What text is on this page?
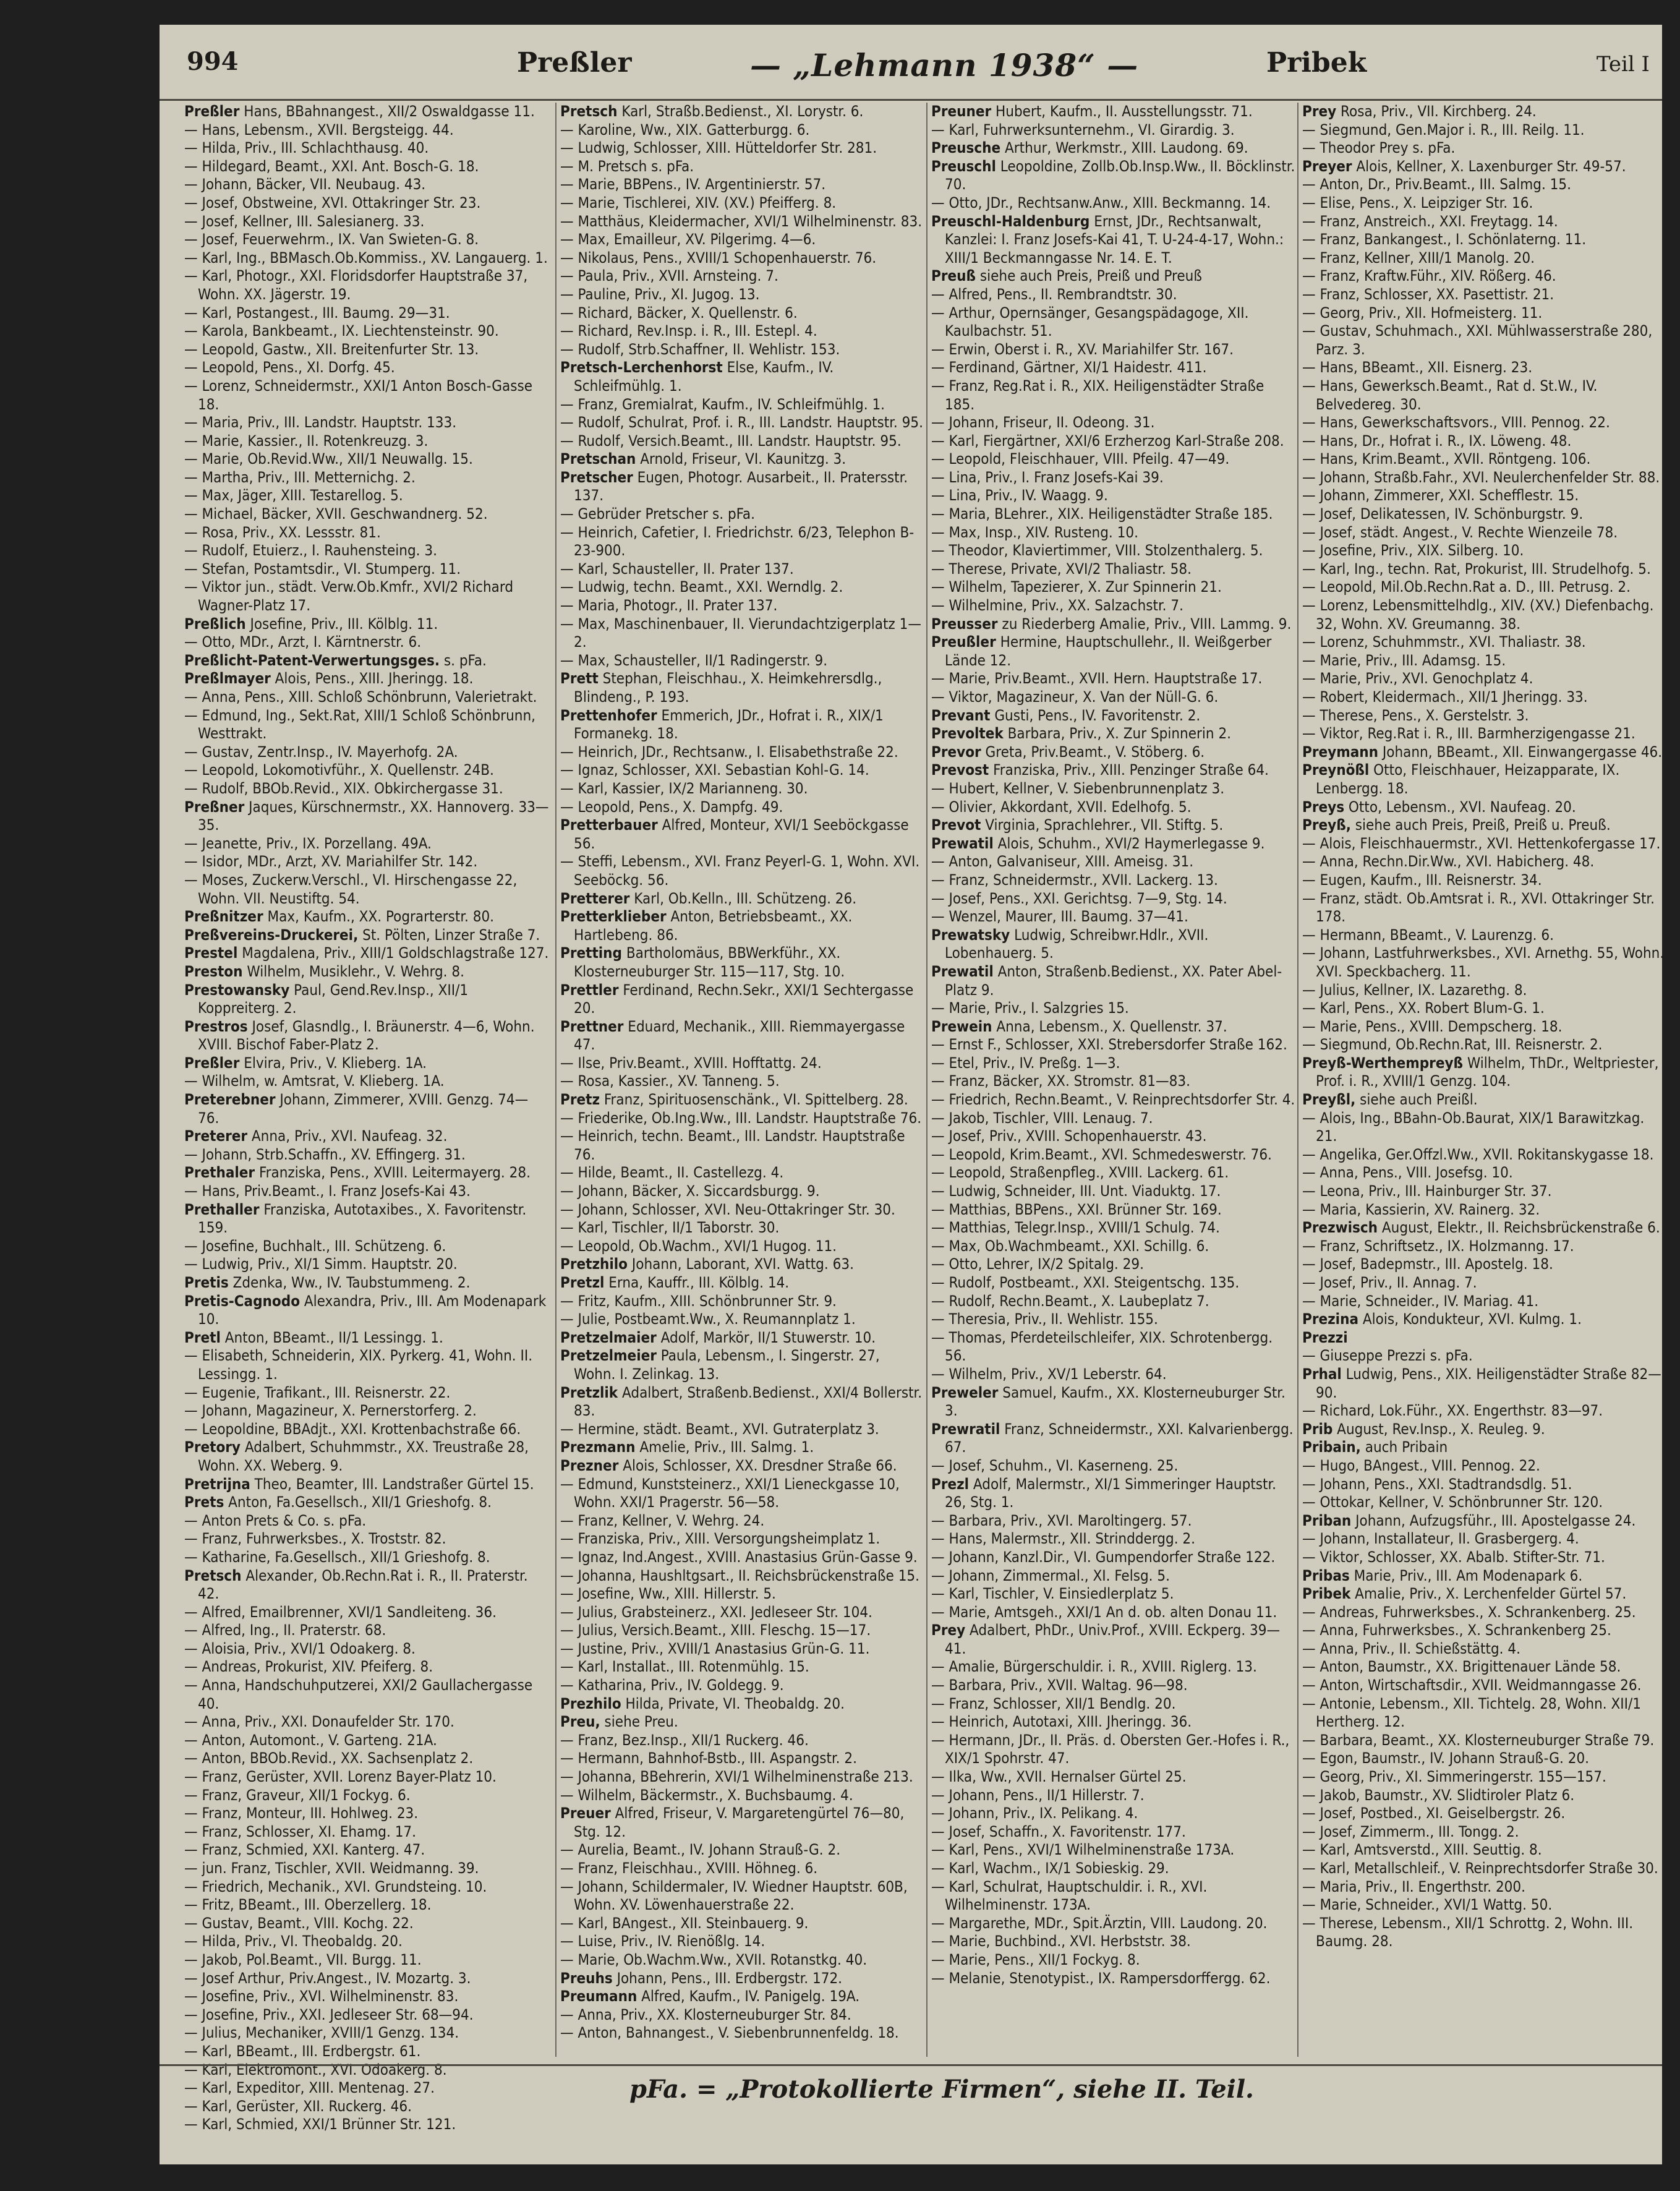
994	Preßler	— „Lehmann 1938“ —	Pribek	Teil I
Preßler Hans, BBahnangest., XII/2 Oswaldgasse 11.
— Hans, Lebensm., XVII. Bergsteigg. 44.
— Hilda, Priv., III. Schlachthausg. 40.
— Hildegard, Beamt., XXI. Ant. Bosch-G. 18.
— Johann, Bäcker, VII. Neubaug. 43.
— Josef, Obstweine, XVI. Ottakringer Str. 23.
— Josef, Kellner, III. Salesianerg. 33.
— Josef, Feuerwehrm., IX. Van Swieten-G. 8.
— Karl, Ing., BBMasch.Ob.Kommiss., XV. Langauerg. 1.
— Karl, Photogr., XXI. Floridsdorfer Hauptstraße 37, Wohn. XX. Jägerstr. 19.
— Karl, Postangest., III. Baumg. 29—31.
— Karola, Bankbeamt., IX. Liechtensteinstr. 90.
— Leopold, Gastw., XII. Breitenfurter Str. 13.
— Leopold, Pens., XI. Dorfg. 45.
— Lorenz, Schneidermstr., XXI/1 Anton Bosch-Gasse 18.
— Maria, Priv., III. Landstr. Hauptstr. 133.
— Marie, Kassier., II. Rotenkreuzg. 3.
— Marie, Ob.Revid.Ww., XII/1 Neuwallg. 15.
— Martha, Priv., III. Metternichg. 2.
— Max, Jäger, XIII. Testarellog. 5.
— Michael, Bäcker, XVII. Geschwandnerg. 52.
— Rosa, Priv., XX. Lessstr. 81.
— Rudolf, Etuierz., I. Rauhensteing. 3.
— Stefan, Postamtsdir., VI. Stumperg. 11.
— Viktor jun., städt. Verw.Ob.Kmfr., XVI/2 Richard Wagner-Platz 17.
Preßlich Josefine, Priv., III. Kölblg. 11.
— Otto, MDr., Arzt, I. Kärntnerstr. 6.
Preßlicht-Patent-Verwertungsges. s. pFa.
Preßlmayer Alois, Pens., XIII. Jheringg. 18.
— Anna, Pens., XIII. Schloß Schönbrunn, Valerietrakt.
— Edmund, Ing., Sekt.Rat, XIII/1 Schloß Schönbrunn, Westtrakt.
— Gustav, Zentr.Insp., IV. Mayerhofg. 2A.
— Leopold, Lokomotivführ., X. Quellenstr. 24B.
— Rudolf, BBOb.Revid., XIX. Obkirchergasse 31.
Preßner Jaques, Kürschnermstr., XX. Hannoverg. 33—35.
— Jeanette, Priv., IX. Porzellang. 49A.
— Isidor, MDr., Arzt, XV. Mariahilfer Str. 142.
— Moses, Zuckerw.Verschl., VI. Hirschengasse 22, Wohn. VII. Neustiftg. 54.
Preßnitzer Max, Kaufm., XX. Pograrterstr. 80.
Preßvereins-Druckerei, St. Pölten, Linzer Straße 7.
Prestel Magdalena, Priv., XIII/1 Goldschlagstraße 127.
Preston Wilhelm, Musiklehr., V. Wehrg. 8.
Prestowansky Paul, Gend.Rev.Insp., XII/1 Koppreiterg. 2.
Prestros Josef, Glasndlg., I. Bräunerstr. 4—6, Wohn. XVIII. Bischof Faber-Platz 2.
Preßler Elvira, Priv., V. Klieberg. 1A.
— Wilhelm, w. Amtsrat, V. Klieberg. 1A.
Preterebner Johann, Zimmerer, XVIII. Genzg. 74—76.
Preterer Anna, Priv., XVI. Naufeag. 32.
— Johann, Strb.Schaffn., XV. Effingerg. 31.
Prethaler Franziska, Pens., XVIII. Leitermayerg. 28.
— Hans, Priv.Beamt., I. Franz Josefs-Kai 43.
Prethaller Franziska, Autotaxibes., X. Favoritenstr. 159.
— Josefine, Buchhalt., III. Schützeng. 6.
— Ludwig, Priv., XI/1 Simm. Hauptstr. 20.
Pretis Zdenka, Ww., IV. Taubstummeng. 2.
Pretis-Cagnodo Alexandra, Priv., III. Am Modenapark 10.
Pretl Anton, BBeamt., II/1 Lessingg. 1.
— Elisabeth, Schneiderin, XIX. Pyrkerg. 41, Wohn. II. Lessingg. 1.
— Eugenie, Trafikant., III. Reisnerstr. 22.
— Johann, Magazineur, X. Pernerstorferg. 2.
— Leopoldine, BBAdjt., XXI. Krottenbachstraße 66.
Pretory Adalbert, Schuhmmstr., XX. Treustraße 28, Wohn. XX. Weberg. 9.
Pretrijna Theo, Beamter, III. Landstraßer Gürtel 15.
Prets Anton, Fa.Gesellsch., XII/1 Grieshofg. 8.
— Anton Prets & Co. s. pFa.
— Franz, Fuhrwerksbes., X. Troststr. 82.
— Katharine, Fa.Gesellsch., XII/1 Grieshofg. 8.
Pretsch Alexander, Ob.Rechn.Rat i. R., II. Praterstr. 42.
— Alfred, Emailbrenner, XVI/1 Sandleiteng. 36.
— Alfred, Ing., II. Praterstr. 68.
— Aloisia, Priv., XVI/1 Odoakerg. 8.
— Andreas, Prokurist, XIV. Pfeiferg. 8.
— Anna, Handschuhputzerei, XXI/2 Gaullachergasse 40.
— Anna, Priv., XXI. Donaufelder Str. 170.
— Anton, Automont., V. Garteng. 21A.
— Anton, BBOb.Revid., XX. Sachsenplatz 2.
— Franz, Gerüster, XVII. Lorenz Bayer-Platz 10.
— Franz, Graveur, XII/1 Fockyg. 6.
— Franz, Monteur, III. Hohlweg. 23.
— Franz, Schlosser, XI. Ehamg. 17.
— Franz, Schmied, XXI. Kanterg. 47.
— jun. Franz, Tischler, XVII. Weidmanng. 39.
— Friedrich, Mechanik., XVI. Grundsteing. 10.
— Fritz, BBeamt., III. Oberzellerg. 18.
— Gustav, Beamt., VIII. Kochg. 22.
— Hilda, Priv., VI. Theobaldg. 20.
— Jakob, Pol.Beamt., VII. Burgg. 11.
— Josef Arthur, Priv.Angest., IV. Mozartg. 3.
— Josefine, Priv., XVI. Wilhelminenstr. 83.
— Josefine, Priv., XXI. Jedleseer Str. 68—94.
— Julius, Mechaniker, XVIII/1 Genzg. 134.
— Karl, BBeamt., III. Erdbergstr. 61.
— Karl, Elektromont., XVI. Odoakerg. 8.
— Karl, Expeditor, XIII. Mentenag. 27.
— Karl, Gerüster, XII. Ruckerg. 46.
— Karl, Schmied, XXI/1 Brünner Str. 121.
Pretsch Karl, Straßb.Bedienst., XI. Lorystr. 6.
— Karoline, Ww., XIX. Gatterburgg. 6.
— Ludwig, Schlosser, XIII. Hütteldorfer Str. 281.
— M. Pretsch s. pFa.
— Marie, BBPens., IV. Argentinierstr. 57.
— Marie, Tischlerei, XIV. (XV.) Pfeifferg. 8.
— Matthäus, Kleidermacher, XVI/1 Wilhelminenstr. 83.
— Max, Emailleur, XV. Pilgerimg. 4—6.
— Nikolaus, Pens., XVIII/1 Schopenhauerstr. 76.
— Paula, Priv., XVII. Arnsteing. 7.
— Pauline, Priv., XI. Jugog. 13.
— Richard, Bäcker, X. Quellenstr. 6.
— Richard, Rev.Insp. i. R., III. Estepl. 4.
— Rudolf, Strb.Schaffner, II. Wehlistr. 153.
Pretsch-Lerchenhorst Else, Kaufm., IV. Schleifmühlg. 1.
— Franz, Gremialrat, Kaufm., IV. Schleifmühlg. 1.
— Rudolf, Schulrat, Prof. i. R., III. Landstr. Hauptstr. 95.
— Rudolf, Versich.Beamt., III. Landstr. Hauptstr. 95.
Pretschan Arnold, Friseur, VI. Kaunitzg. 3.
Pretscher Eugen, Photogr. Ausarbeit., II. Pratersstr. 137.
— Gebrüder Pretscher s. pFa.
— Heinrich, Cafetier, I. Friedrichstr. 6/23, Telephon B-23-900.
— Karl, Schausteller, II. Prater 137.
— Ludwig, techn. Beamt., XXI. Werndlg. 2.
— Maria, Photogr., II. Prater 137.
— Max, Maschinenbauer, II. Vierundachtzigerplatz 1—2.
— Max, Schausteller, II/1 Radingerstr. 9.
Prett Stephan, Fleischhau., X. Heimkehrersdlg., Blindeng., P. 193.
Prettenhofer Emmerich, JDr., Hofrat i. R., XIX/1 Formanekg. 18.
— Heinrich, JDr., Rechtsanw., I. Elisabethstraße 22.
— Ignaz, Schlosser, XXI. Sebastian Kohl-G. 14.
— Karl, Kassier, IX/2 Marianneng. 30.
— Leopold, Pens., X. Dampfg. 49.
Pretterbauer Alfred, Monteur, XVI/1 Seeböckgasse 56.
— Steffi, Lebensm., XVI. Franz Peyerl-G. 1, Wohn. XVI. Seeböckg. 56.
Pretterer Karl, Ob.Kelln., III. Schützeng. 26.
Pretterklieber Anton, Betriebsbeamt., XX. Hartlebeng. 86.
Pretting Bartholomäus, BBWerkführ., XX. Klosterneuburger Str. 115—117, Stg. 10.
Prettler Ferdinand, Rechn.Sekr., XXI/1 Sechtergasse 20.
Prettner Eduard, Mechanik., XIII. Riemmayergasse 47.
— Ilse, Priv.Beamt., XVIII. Hofftattg. 24.
— Rosa, Kassier., XV. Tanneng. 5.
Pretz Franz, Spirituosenschänk., VI. Spittelberg. 28.
— Friederike, Ob.Ing.Ww., III. Landstr. Hauptstraße 76.
— Heinrich, techn. Beamt., III. Landstr. Hauptstraße 76.
— Hilde, Beamt., II. Castellezg. 4.
— Johann, Bäcker, X. Siccardsburgg. 9.
— Johann, Schlosser, XVI. Neu-Ottakringer Str. 30.
— Karl, Tischler, II/1 Taborstr. 30.
— Leopold, Ob.Wachm., XVI/1 Hugog. 11.
Pretzhilo Johann, Laborant, XVI. Wattg. 63.
Pretzl Erna, Kauffr., III. Kölblg. 14.
— Fritz, Kaufm., XIII. Schönbrunner Str. 9.
— Julie, Postbeamt.Ww., X. Reumannplatz 1.
Pretzelmaier Adolf, Markör, II/1 Stuwerstr. 10.
Pretzelmeier Paula, Lebensm., I. Singerstr. 27, Wohn. I. Zelinkag. 13.
Pretzlik Adalbert, Straßenb.Bedienst., XXI/4 Bollerstr. 83.
— Hermine, städt. Beamt., XVI. Gutraterplatz 3.
Prezmann Amelie, Priv., III. Salmg. 1.
Prezner Alois, Schlosser, XX. Dresdner Straße 66.
— Edmund, Kunststeinerz., XXI/1 Lieneckgasse 10, Wohn. XXI/1 Pragerstr. 56—58.
— Franz, Kellner, V. Wehrg. 24.
— Franziska, Priv., XIII. Versorgungsheimplatz 1.
— Ignaz, Ind.Angest., XVIII. Anastasius Grün-Gasse 9.
— Johanna, Haushltgsart., II. Reichsbrückenstraße 15.
— Josefine, Ww., XIII. Hillerstr. 5.
— Julius, Grabsteinerz., XXI. Jedleseer Str. 104.
— Julius, Versich.Beamt., XIII. Fleschg. 15—17.
— Justine, Priv., XVIII/1 Anastasius Grün-G. 11.
— Karl, Installat., III. Rotenmühlg. 15.
— Katharina, Priv., IV. Goldegg. 9.
Prezhilo Hilda, Private, VI. Theobaldg. 20.
Preu, siehe Preu.
— Franz, Bez.Insp., XII/1 Ruckerg. 46.
— Hermann, Bahnhof-Bstb., III. Aspangstr. 2.
— Johanna, BBehrerin, XVI/1 Wilhelminenstraße 213.
— Wilhelm, Bäckermstr., X. Buchsbaumg. 4.
Preuer Alfred, Friseur, V. Margaretengürtel 76—80, Stg. 12.
— Aurelia, Beamt., IV. Johann Strauß-G. 2.
— Franz, Fleischhau., XVIII. Höhneg. 6.
— Johann, Schildermaler, IV. Wiedner Hauptstr. 60B, Wohn. XV. Löwenhauerstraße 22.
— Karl, BAngest., XII. Steinbauerg. 9.
— Luise, Priv., IV. Rienößlg. 14.
— Marie, Ob.Wachm.Ww., XVII. Rotanstkg. 40.
Preuhs Johann, Pens., III. Erdbergstr. 172.
Preumann Alfred, Kaufm., IV. Panigelg. 19A.
— Anna, Priv., XX. Klosterneuburger Str. 84.
— Anton, Bahnangest., V. Siebenbrunnenfeldg. 18.
Preuner Hubert, Kaufm., II. Ausstellungsstr. 71.
— Karl, Fuhrwerksunternehm., VI. Girardig. 3.
Preusche Arthur, Werkmstr., XIII. Laudong. 69.
Preuschl Leopoldine, Zollb.Ob.Insp.Ww., II. Böcklinstr. 70.
— Otto, JDr., Rechtsanw.Anw., XIII. Beckmanng. 14.
Preuschl-Haldenburg Ernst, JDr., Rechtsanwalt, Kanzlei: I. Franz Josefs-Kai 41, T. U-24-4-17, Wohn.: XIII/1 Beckmanngasse Nr. 14. E. T.
Preuß siehe auch Preis, Preiß und Preuß
— Alfred, Pens., II. Rembrandtstr. 30.
— Arthur, Opernsänger, Gesangspädagoge, XII. Kaulbachstr. 51.
— Erwin, Oberst i. R., XV. Mariahilfer Str. 167.
— Ferdinand, Gärtner, XI/1 Haidestr. 411.
— Franz, Reg.Rat i. R., XIX. Heiligenstädter Straße 185.
— Johann, Friseur, II. Odeong. 31.
— Karl, Fiergärtner, XXI/6 Erzherzog Karl-Straße 208.
— Leopold, Fleischhauer, VIII. Pfeilg. 47—49.
— Lina, Priv., I. Franz Josefs-Kai 39.
— Lina, Priv., IV. Waagg. 9.
— Maria, BLehrer., XIX. Heiligenstädter Straße 185.
— Max, Insp., XIV. Rusteng. 10.
— Theodor, Klaviertimmer, VIII. Stolzenthalerg. 5.
— Therese, Private, XVI/2 Thaliastr. 58.
— Wilhelm, Tapezierer, X. Zur Spinnerin 21.
— Wilhelmine, Priv., XX. Salzachstr. 7.
Preusser zu Riederberg Amalie, Priv., VIII. Lammg. 9.
Preußler Hermine, Hauptschullehr., II. Weißgerber Lände 12.
— Marie, Priv.Beamt., XVII. Hern. Hauptstraße 17.
— Viktor, Magazineur, X. Van der Nüll-G. 6.
Prevant Gusti, Pens., IV. Favoritenstr. 2.
Prevoltek Barbara, Priv., X. Zur Spinnerin 2.
Prevor Greta, Priv.Beamt., V. Stöberg. 6.
Prevost Franziska, Priv., XIII. Penzinger Straße 64.
— Hubert, Kellner, V. Siebenbrunnenplatz 3.
— Olivier, Akkordant, XVII. Edelhofg. 5.
Prevot Virginia, Sprachlehrer., VII. Stiftg. 5.
Prewatil Alois, Schuhm., XVI/2 Haymerlegasse 9.
— Anton, Galvaniseur, XIII. Ameisg. 31.
— Franz, Schneidermstr., XVII. Lackerg. 13.
— Josef, Pens., XXI. Gerichtsg. 7—9, Stg. 14.
— Wenzel, Maurer, III. Baumg. 37—41.
Prewatsky Ludwig, Schreibwr.Hdlr., XVII. Lobenhauerg. 5.
Prewatil Anton, Straßenb.Bedienst., XX. Pater Abel-Platz 9.
— Marie, Priv., I. Salzgries 15.
Prewein Anna, Lebensm., X. Quellenstr. 37.
— Ernst F., Schlosser, XXI. Strebersdorfer Straße 162.
— Etel, Priv., IV. Preßg. 1—3.
— Franz, Bäcker, XX. Stromstr. 81—83.
— Friedrich, Rechn.Beamt., V. Reinprechtsdorfer Str. 4.
— Jakob, Tischler, VIII. Lenaug. 7.
— Josef, Priv., XVIII. Schopenhauerstr. 43.
— Leopold, Krim.Beamt., XVI. Schmedeswerstr. 76.
— Leopold, Straßenpfleg., XVIII. Lackerg. 61.
— Ludwig, Schneider, III. Unt. Viaduktg. 17.
— Matthias, BBPens., XXI. Brünner Str. 169.
— Matthias, Telegr.Insp., XVIII/1 Schulg. 74.
— Max, Ob.Wachmbeamt., XXI. Schillg. 6.
— Otto, Lehrer, IX/2 Spitalg. 29.
— Rudolf, Postbeamt., XXI. Steigentschg. 135.
— Rudolf, Rechn.Beamt., X. Laubeplatz 7.
— Theresia, Priv., II. Wehlistr. 155.
— Thomas, Pferdeteilschleifer, XIX. Schrotenbergg. 56.
— Wilhelm, Priv., XV/1 Leberstr. 64.
Preweler Samuel, Kaufm., XX. Klosterneuburger Str. 3.
Prewratil Franz, Schneidermstr., XXI. Kalvarienbergg. 67.
— Josef, Schuhm., VI. Kaserneng. 25.
Prezl Adolf, Malermstr., XI/1 Simmeringer Hauptstr. 26, Stg. 1.
— Barbara, Priv., XVI. Maroltingerg. 57.
— Hans, Malermstr., XII. Strinddergg. 2.
— Johann, Kanzl.Dir., VI. Gumpendorfer Straße 122.
— Johann, Zimmermal., XI. Felsg. 5.
— Karl, Tischler, V. Einsiedlerplatz 5.
— Marie, Amtsgeh., XXI/1 An d. ob. alten Donau 11.
Prey Adalbert, PhDr., Univ.Prof., XVIII. Eckperg. 39—41.
— Amalie, Bürgerschuldir. i. R., XVIII. Riglerg. 13.
— Barbara, Priv., XVII. Waltag. 96—98.
— Franz, Schlosser, XII/1 Bendlg. 20.
— Heinrich, Autotaxi, XIII. Jheringg. 36.
— Hermann, JDr., II. Präs. d. Obersten Ger.-Hofes i. R., XIX/1 Spohrstr. 47.
— Ilka, Ww., XVII. Hernalser Gürtel 25.
— Johann, Pens., II/1 Hillerstr. 7.
— Johann, Priv., IX. Pelikang. 4.
— Josef, Schaffn., X. Favoritenstr. 177.
— Karl, Pens., XVI/1 Wilhelminenstraße 173A.
— Karl, Wachm., IX/1 Sobieskig. 29.
— Karl, Schulrat, Hauptschuldir. i. R., XVI. Wilhelminenstr. 173A.
— Margarethe, MDr., Spit.Ärztin, VIII. Laudong. 20.
— Marie, Buchbind., XVI. Herbststr. 38.
— Marie, Pens., XII/1 Fockyg. 8.
— Melanie, Stenotypist., IX. Rampersdorffergg. 62.
Prey Rosa, Priv., VII. Kirchberg. 24.
— Siegmund, Gen.Major i. R., III. Reilg. 11.
— Theodor Prey s. pFa.
Preyer Alois, Kellner, X. Laxenburger Str. 49-57.
— Anton, Dr., Priv.Beamt., III. Salmg. 15.
— Elise, Pens., X. Leipziger Str. 16.
— Franz, Anstreich., XXI. Freytagg. 14.
— Franz, Bankangest., I. Schönlaterng. 11.
— Franz, Kellner, XIII/1 Manolg. 20.
— Franz, Kraftw.Führ., XIV. Rößerg. 46.
— Franz, Schlosser, XX. Pasettistr. 21.
— Georg, Priv., XII. Hofmeisterg. 11.
— Gustav, Schuhmach., XXI. Mühlwasserstraße 280, Parz. 3.
— Hans, BBeamt., XII. Eisnerg. 23.
— Hans, Gewerksch.Beamt., Rat d. St.W., IV. Belvedereg. 30.
— Hans, Gewerkschaftsvors., VIII. Pennog. 22.
— Hans, Dr., Hofrat i. R., IX. Löweng. 48.
— Hans, Krim.Beamt., XVII. Röntgeng. 106.
— Johann, Straßb.Fahr., XVI. Neulerchenfelder Str. 88.
— Johann, Zimmerer, XXI. Schefflestr. 15.
— Josef, Delikatessen, IV. Schönburgstr. 9.
— Josef, städt. Angest., V. Rechte Wienzeile 78.
— Josefine, Priv., XIX. Silberg. 10.
— Karl, Ing., techn. Rat, Prokurist, III. Strudelhofg. 5.
— Leopold, Mil.Ob.Rechn.Rat a. D., III. Petrusg. 2.
— Lorenz, Lebensmittelhdlg., XIV. (XV.) Diefenbachg. 32, Wohn. XV. Greumanng. 38.
— Lorenz, Schuhmmstr., XVI. Thaliastr. 38.
— Marie, Priv., III. Adamsg. 15.
— Marie, Priv., XVI. Genochplatz 4.
— Robert, Kleidermach., XII/1 Jheringg. 33.
— Therese, Pens., X. Gerstelstr. 3.
— Viktor, Reg.Rat i. R., III. Barmherzigengasse 21.
Preymann Johann, BBeamt., XII. Einwangergasse 46.
Preynößl Otto, Fleischhauer, Heizapparate, IX. Lenbergg. 18.
Preys Otto, Lebensm., XVI. Naufeag. 20.
Preyß, siehe auch Preis, Preiß, Preiß u. Preuß.
— Alois, Fleischhauermstr., XVI. Hettenkofergasse 17.
— Anna, Rechn.Dir.Ww., XVI. Habicherg. 48.
— Eugen, Kaufm., III. Reisnerstr. 34.
— Franz, städt. Ob.Amtsrat i. R., XVI. Ottakringer Str. 178.
— Hermann, BBeamt., V. Laurenzg. 6.
— Johann, Lastfuhrwerksbes., XVI. Arnethg. 55, Wohn. XVI. Speckbacherg. 11.
— Julius, Kellner, IX. Lazarethg. 8.
— Karl, Pens., XX. Robert Blum-G. 1.
— Marie, Pens., XVIII. Dempscherg. 18.
— Siegmund, Ob.Rechn.Rat, III. Reisnerstr. 2.
Preyß-Werthempreyß Wilhelm, ThDr., Weltpriester, Prof. i. R., XVIII/1 Genzg. 104.
Preyßl, siehe auch Preißl.
— Alois, Ing., BBahn-Ob.Baurat, XIX/1 Barawitzkag. 21.
— Angelika, Ger.Offzl.Ww., XVII. Rokitanskygasse 18.
— Anna, Pens., VIII. Josefsg. 10.
— Leona, Priv., III. Hainburger Str. 37.
— Maria, Kassierin, XV. Rainerg. 32.
Prezwisch August, Elektr., II. Reichsbrückenstraße 6.
— Franz, Schriftsetz., IX. Holzmanng. 17.
— Josef, Badepmstr., III. Apostelg. 18.
— Josef, Priv., II. Annag. 7.
— Marie, Schneider., IV. Mariag. 41.
Prezina Alois, Kondukteur, XVI. Kulmg. 1.
Prezzi
— Giuseppe Prezzi s. pFa.
Prhal Ludwig, Pens., XIX. Heiligenstädter Straße 82—90.
— Richard, Lok.Führ., XX. Engerthstr. 83—97.
Prib August, Rev.Insp., X. Reuleg. 9.
Pribain, auch Pribain
— Hugo, BAngest., VIII. Pennog. 22.
— Johann, Pens., XXI. Stadtrandsdlg. 51.
— Ottokar, Kellner, V. Schönbrunner Str. 120.
Priban Johann, Aufzugsführ., III. Apostelgasse 24.
— Johann, Installateur, II. Grasbergerg. 4.
— Viktor, Schlosser, XX. Abalb. Stifter-Str. 71.
Pribas Marie, Priv., III. Am Modenapark 6.
Pribek Amalie, Priv., X. Lerchenfelder Gürtel 57.
— Andreas, Fuhrwerksbes., X. Schrankenberg. 25.
— Anna, Fuhrwerksbes., X. Schrankenberg 25.
— Anna, Priv., II. Schießstättg. 4.
— Anton, Baumstr., XX. Brigittenauer Lände 58.
— Anton, Wirtschaftsdir., XVII. Weidmanngasse 26.
— Antonie, Lebensm., XII. Tichtelg. 28, Wohn. XII/1 Hertherg. 12.
— Barbara, Beamt., XX. Klosterneuburger Straße 79.
— Egon, Baumstr., IV. Johann Strauß-G. 20.
— Georg, Priv., XI. Simmeringerstr. 155—157.
— Jakob, Baumstr., XV. Slidtiroler Platz 6.
— Josef, Postbed., XI. Geiselbergstr. 26.
— Josef, Zimmerm., III. Tongg. 2.
— Karl, Amtsverstd., XIII. Seuttig. 8.
— Karl, Metallschleif., V. Reinprechtsdorfer Straße 30.
— Maria, Priv., II. Engerthstr. 200.
— Marie, Schneider., XVI/1 Wattg. 50.
— Therese, Lebensm., XII/1 Schrottg. 2, Wohn. III. Baumg. 28.
pFa. = „Protokollierte Firmen“, siehe II. Teil.
